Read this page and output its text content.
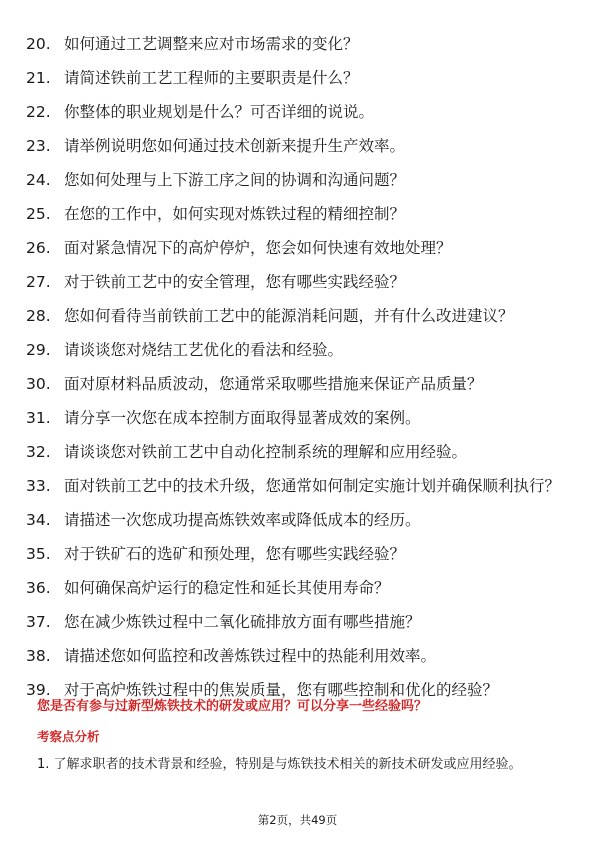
20. 如何通过工艺调整来应对市场需求的变化？
21. 请简述铁前工艺工程师的主要职责是什么？
22. 你整体的职业规划是什么？可否详细的说说。
23. 请举例说明您如何通过技术创新来提升生产效率。
24. 您如何处理与上下游工序之间的协调和沟通问题？
25. 在您的工作中，如何实现对炼铁过程的精细控制？
26. 面对紧急情况下的高炉停炉，您会如何快速有效地处理？
27. 对于铁前工艺中的安全管理，您有哪些实践经验？
28. 您如何看待当前铁前工艺中的能源消耗问题，并有什么改进建议？
29. 请谈谈您对烧结工艺优化的看法和经验。
30. 面对原材料品质波动，您通常采取哪些措施来保证产品质量？
31. 请分享一次您在成本控制方面取得显著成效的案例。
32. 请谈谈您对铁前工艺中自动化控制系统的理解和应用经验。
33. 面对铁前工艺中的技术升级，您通常如何制定实施计划并确保顺利执行？
34. 请描述一次您成功提高炼铁效率或降低成本的经历。
35. 对于铁矿石的选矿和预处理，您有哪些实践经验？
36. 如何确保高炉运行的稳定性和延长其使用寿命？
37. 您在减少炼铁过程中二氧化硫排放方面有哪些措施？
38. 请描述您如何监控和改善炼铁过程中的热能利用效率。
39. 对于高炉炼铁过程中的焦炭质量，您有哪些控制和优化的经验？
您是否有参与过新型炼铁技术的研发或应用？可以分享一些经验吗？
考察点分析
1. 了解求职者的技术背景和经验，特别是与炼铁技术相关的新技术研发或应用经验。
第2页，共49页
